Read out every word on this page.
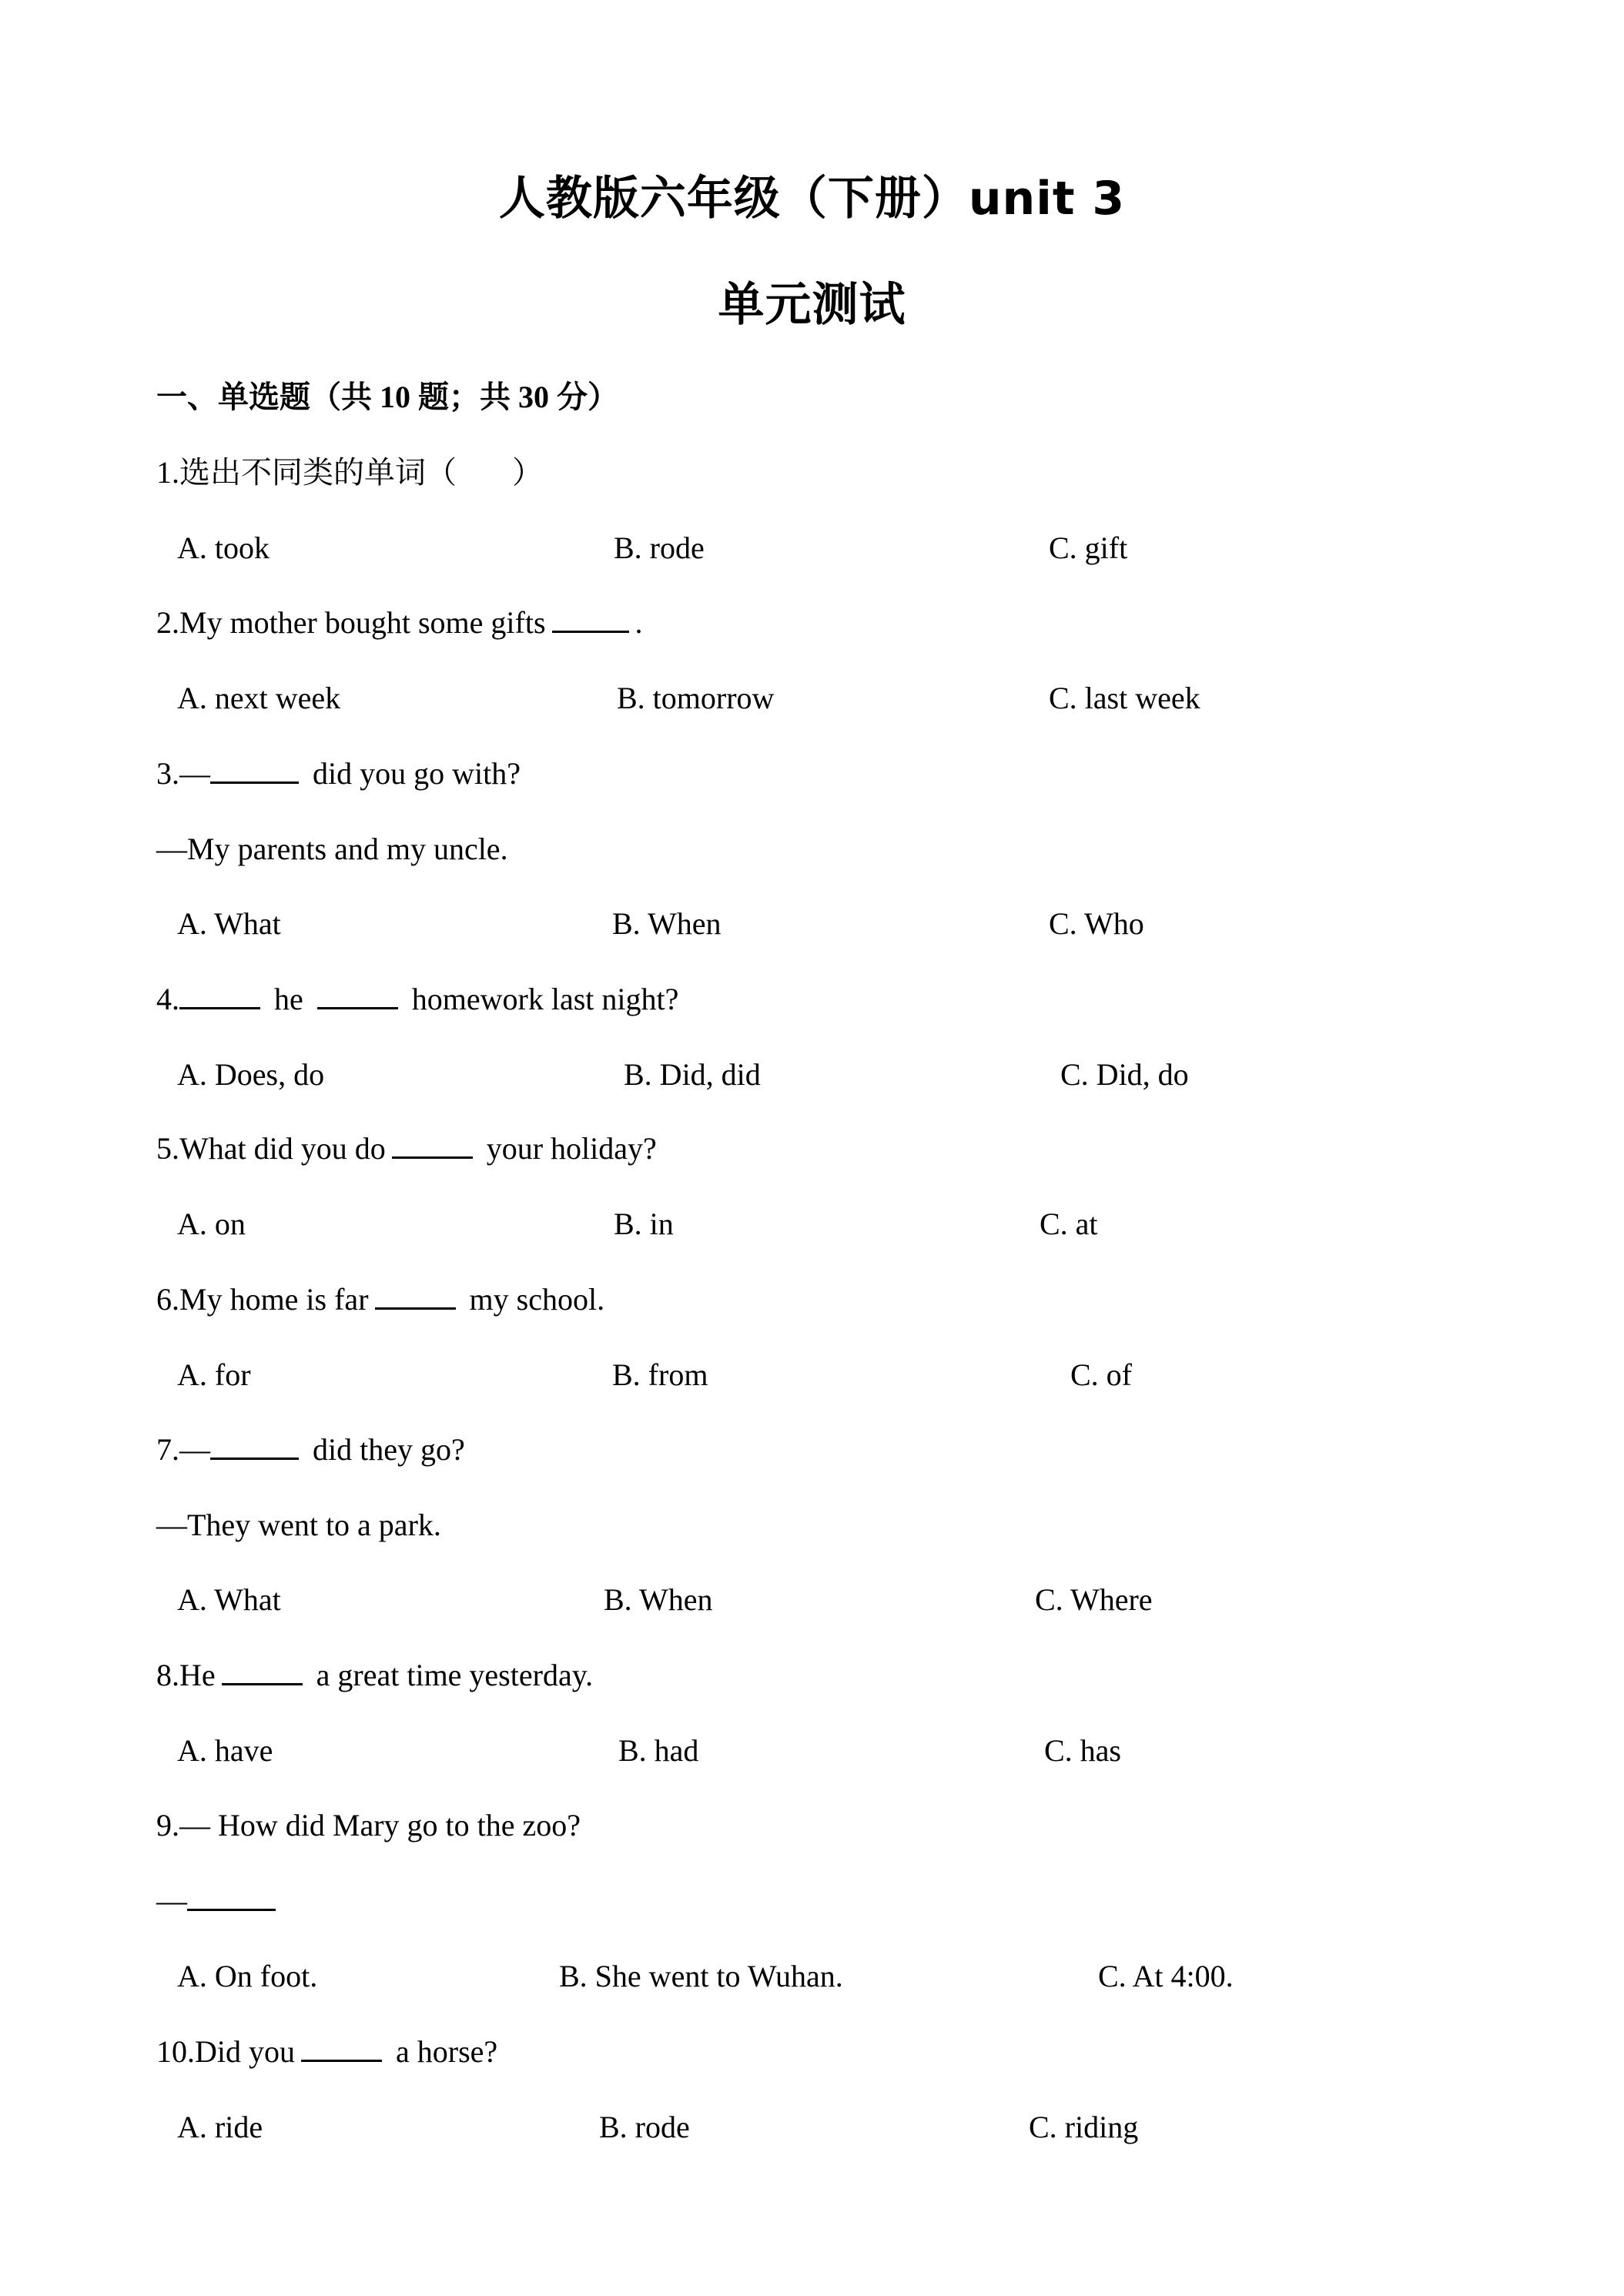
人教版六年级（下册）unit 3
单元测试
一、单选题（共 10 题；共 30 分）
1.选出不同类的单词（ ）
A. took	B. rode	C. gift
2.My mother bought some gifts	.
A. next week	B. tomorrow	C. last week
3.—	did you go with?
—My parents and my uncle.
A. What	B. When	C. Who
4.	he	homework last night?
A. Does, do	B. Did, did	C. Did, do
5.What did you do	your holiday?
A. on	B. in	C. at
6.My home is far	my school.
A. for	B. from	C. of
7.—	did they go?
—They went to a park.
A. What	B. When	C. Where
8.He	a great time yesterday.
A. have	B. had	C. has
9.— How did Mary go to the zoo?
—
A. On foot.	B. She went to Wuhan.	C. At 4:00.
10.Did you	a horse?
A. ride	B. rode	C. riding
